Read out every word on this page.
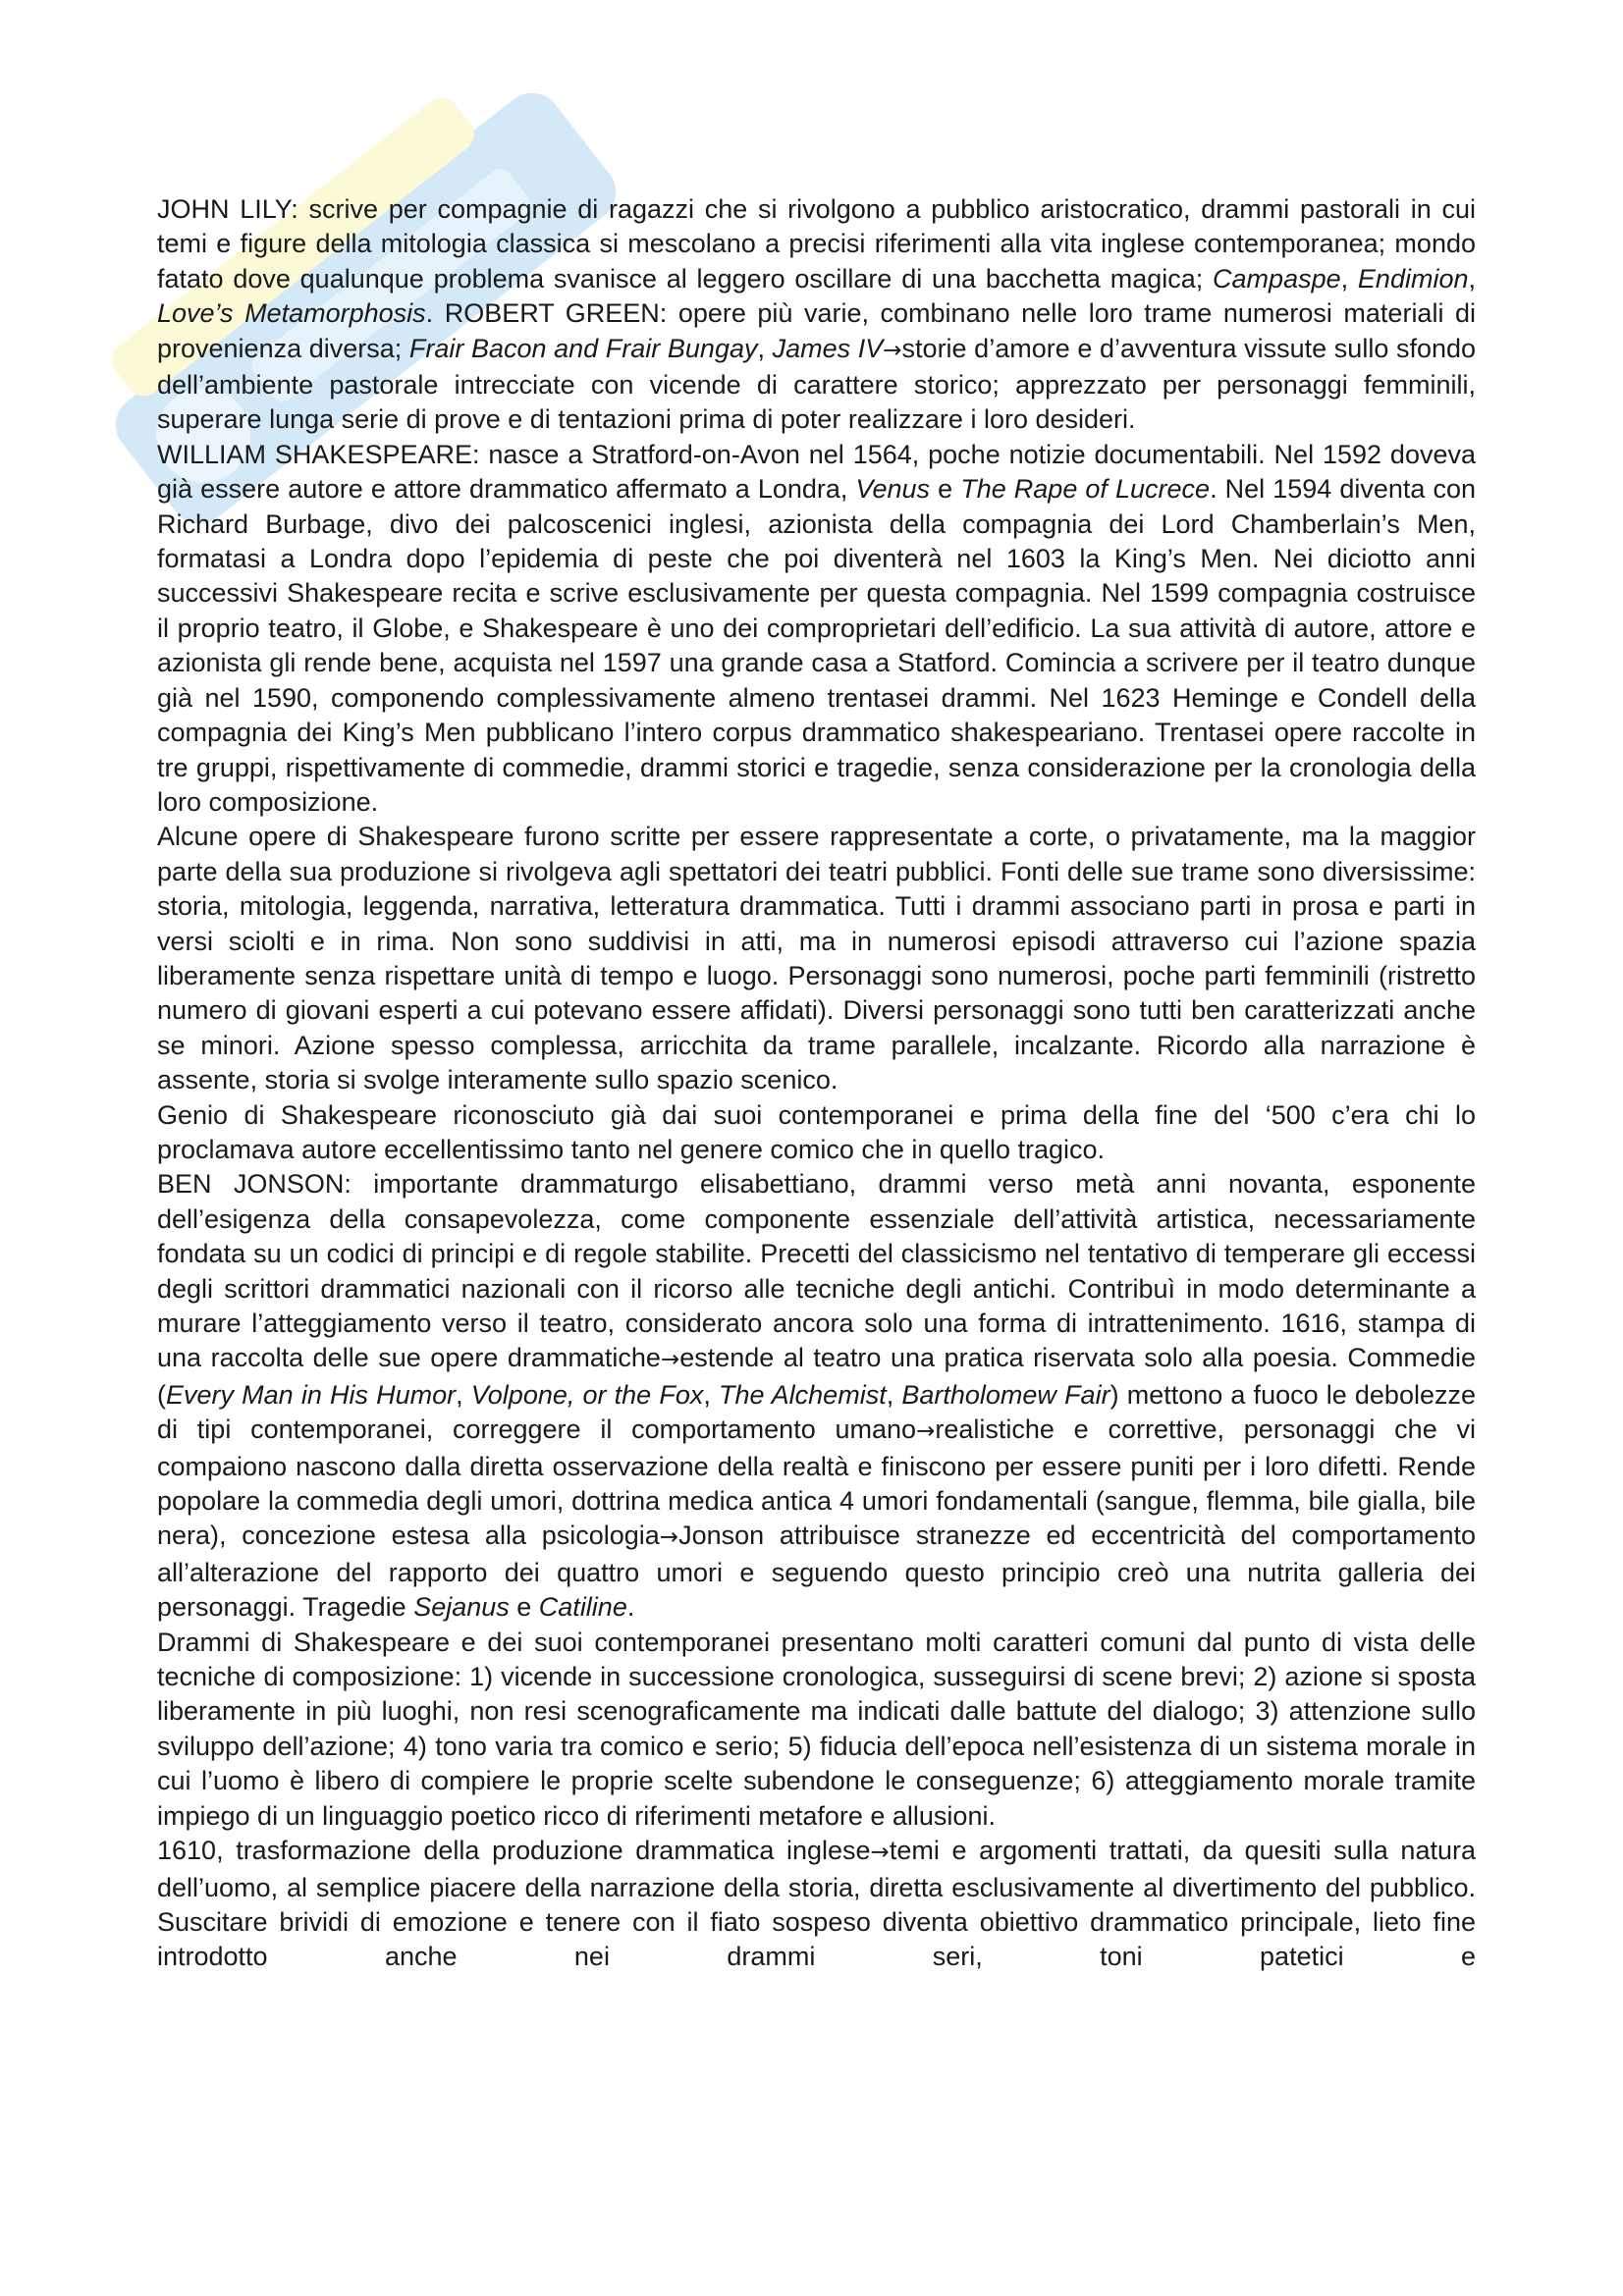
JOHN LILY: scrive per compagnie di ragazzi che si rivolgono a pubblico aristocratico, drammi pastorali in cui temi e figure della mitologia classica si mescolano a precisi riferimenti alla vita inglese contemporanea; mondo fatato dove qualunque problema svanisce al leggero oscillare di una bacchetta magica; Campaspe, Endimion, Love’s Metamorphosis. ROBERT GREEN: opere più varie, combinano nelle loro trame numerosi materiali di provenienza diversa; Frair Bacon and Frair Bungay, James IV→storie d’amore e d’avventura vissute sullo sfondo dell’ambiente pastorale intrecciate con vicende di carattere storico; apprezzato per personaggi femminili, superare lunga serie di prove e di tentazioni prima di poter realizzare i loro desideri.

WILLIAM SHAKESPEARE: nasce a Stratford-on-Avon nel 1564, poche notizie documentabili. Nel 1592 doveva già essere autore e attore drammatico affermato a Londra, Venus e The Rape of Lucrece. Nel 1594 diventa con Richard Burbage, divo dei palcoscenici inglesi, azionista della compagnia dei Lord Chamberlain’s Men, formatasi a Londra dopo l’epidemia di peste che poi diventerà nel 1603 la King’s Men. Nei diciotto anni successivi Shakespeare recita e scrive esclusivamente per questa compagnia. Nel 1599 compagnia costruisce il proprio teatro, il Globe, e Shakespeare è uno dei comproprietari dell’edificio. La sua attività di autore, attore e azionista gli rende bene, acquista nel 1597 una grande casa a Statford. Comincia a scrivere per il teatro dunque già nel 1590, componendo complessivamente almeno trentasei drammi. Nel 1623 Heminge e Condell della compagnia dei King’s Men pubblicano l’intero corpus drammatico shakespeariano. Trentasei opere raccolte in tre gruppi, rispettivamente di commedie, drammi storici e tragedie, senza considerazione per la cronologia della loro composizione.

Alcune opere di Shakespeare furono scritte per essere rappresentate a corte, o privatamente, ma la maggior parte della sua produzione si rivolgeva agli spettatori dei teatri pubblici. Fonti delle sue trame sono diversissime: storia, mitologia, leggenda, narrativa, letteratura drammatica. Tutti i drammi associano parti in prosa e parti in versi sciolti e in rima. Non sono suddivisi in atti, ma in numerosi episodi attraverso cui l’azione spazia liberamente senza rispettare unità di tempo e luogo. Personaggi sono numerosi, poche parti femminili (ristretto numero di giovani esperti a cui potevano essere affidati). Diversi personaggi sono tutti ben caratterizzati anche se minori. Azione spesso complessa, arricchita da trame parallele, incalzante. Ricordo alla narrazione è assente, storia si svolge interamente sullo spazio scenico.

Genio di Shakespeare riconosciuto già dai suoi contemporanei e prima della fine del ‘500 c’era chi lo proclamava autore eccellentissimo tanto nel genere comico che in quello tragico.

BEN JONSON: importante drammaturgo elisabettiano, drammi verso metà anni novanta, esponente dell’esigenza della consapevolezza, come componente essenziale dell’attività artistica, necessariamente fondata su un codici di principi e di regole stabilite. Precetti del classicismo nel tentativo di temperare gli eccessi degli scrittori drammatici nazionali con il ricorso alle tecniche degli antichi. Contribuì in modo determinante a murare l’atteggiamento verso il teatro, considerato ancora solo una forma di intrattenimento. 1616, stampa di una raccolta delle sue opere drammatiche→estende al teatro una pratica riservata solo alla poesia. Commedie (Every Man in His Humor, Volpone, or the Fox, The Alchemist, Bartholomew Fair) mettono a fuoco le debolezze di tipi contemporanei, correggere il comportamento umano→realistiche e correttive, personaggi che vi compaiono nascono dalla diretta osservazione della realtà e finiscono per essere puniti per i loro difetti. Rende popolare la commedia degli umori, dottrina medica antica 4 umori fondamentali (sangue, flemma, bile gialla, bile nera), concezione estesa alla psicologia→Jonson attribuisce stranezze ed eccentricità del comportamento all’alterazione del rapporto dei quattro umori e seguendo questo principio creò una nutrita galleria dei personaggi. Tragedie Sejanus e Catiline.

Drammi di Shakespeare e dei suoi contemporanei presentano molti caratteri comuni dal punto di vista delle tecniche di composizione: 1) vicende in successione cronologica, susseguirsi di scene brevi; 2) azione si sposta liberamente in più luoghi, non resi scenograficamente ma indicati dalle battute del dialogo; 3) attenzione sullo sviluppo dell’azione; 4) tono varia tra comico e serio; 5) fiducia dell’epoca nell’esistenza di un sistema morale in cui l’uomo è libero di compiere le proprie scelte subendone le conseguenze; 6) atteggiamento morale tramite impiego di un linguaggio poetico ricco di riferimenti metafore e allusioni.

1610, trasformazione della produzione drammatica inglese→temi e argomenti trattati, da quesiti sulla natura dell’uomo, al semplice piacere della narrazione della storia, diretta esclusivamente al divertimento del pubblico. Suscitare brividi di emozione e tenere con il fiato sospeso diventa obiettivo drammatico principale, lieto fine introdotto anche nei drammi seri, toni patetici e
